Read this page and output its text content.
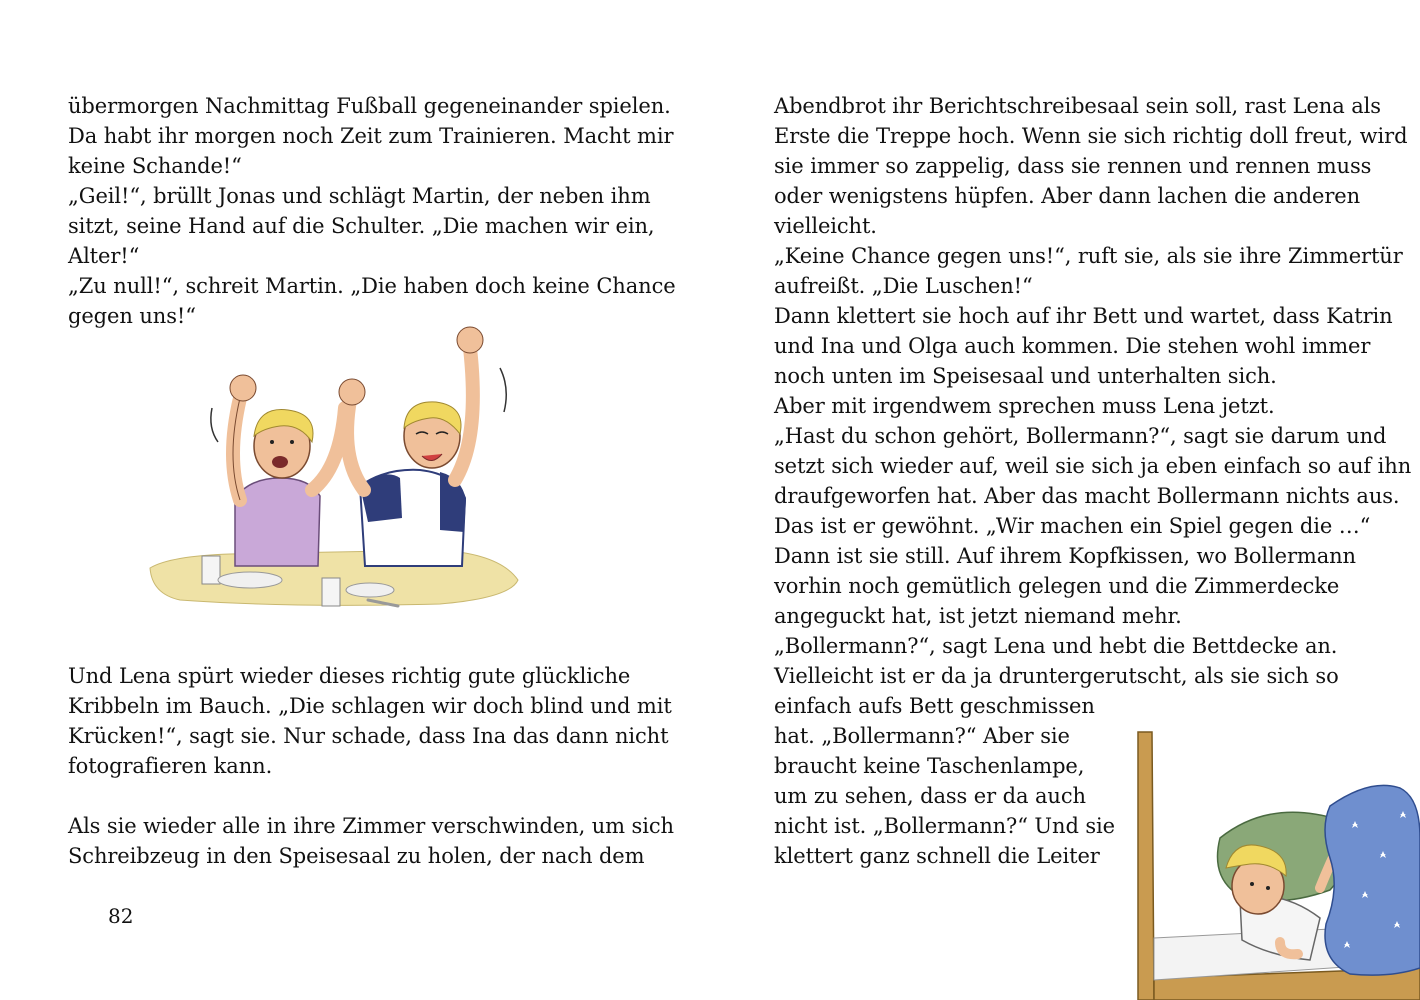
übermorgen Nachmittag Fußball gegeneinander spielen.
Da habt ihr morgen noch Zeit zum Trainieren. Macht mir
keine Schande!“
„Geil!“, brüllt Jonas und schlägt Martin, der neben ihm
sitzt, seine Hand auf die Schulter. „Die machen wir ein,
Alter!“
„Zu null!“, schreit Martin. „Die haben doch keine Chance
gegen uns!“
Und Lena spürt wieder dieses richtig gute glückliche
Kribbeln im Bauch. „Die schlagen wir doch blind und mit
Krücken!“, sagt sie. Nur schade, dass Ina das dann nicht
fotografieren kann.
Als sie wieder alle in ihre Zimmer verschwinden, um sich
Schreibzeug in den Speisesaal zu holen, der nach dem
82
Abendbrot ihr Berichtschreibesaal sein soll, rast Lena als
Erste die Treppe hoch. Wenn sie sich richtig doll freut, wird
sie immer so zappelig, dass sie rennen und rennen muss
oder wenigstens hüpfen. Aber dann lachen die anderen
vielleicht.
„Keine Chance gegen uns!“, ruft sie, als sie ihre Zimmertür
aufreißt. „Die Luschen!“
Dann klettert sie hoch auf ihr Bett und wartet, dass Katrin
und Ina und Olga auch kommen. Die stehen wohl immer
noch unten im Speisesaal und unterhalten sich.
Aber mit irgendwem sprechen muss Lena jetzt.
„Hast du schon gehört, Bollermann?“, sagt sie darum und
setzt sich wieder auf, weil sie sich ja eben einfach so auf ihn
draufgeworfen hat. Aber das macht Bollermann nichts aus.
Das ist er gewöhnt. „Wir machen ein Spiel gegen die …“
Dann ist sie still. Auf ihrem Kopfkissen, wo Bollermann
vorhin noch gemütlich gelegen und die Zimmerdecke
angeguckt hat, ist jetzt niemand mehr.
„Bollermann?“, sagt Lena und hebt die Bettdecke an.
Vielleicht ist er da ja druntergerutscht, als sie sich so
einfach aufs Bett geschmissen
hat. „Bollermann?“ Aber sie
braucht keine Taschenlampe,
um zu sehen, dass er da auch
nicht ist. „Bollermann?“ Und sie
klettert ganz schnell die Leiter
